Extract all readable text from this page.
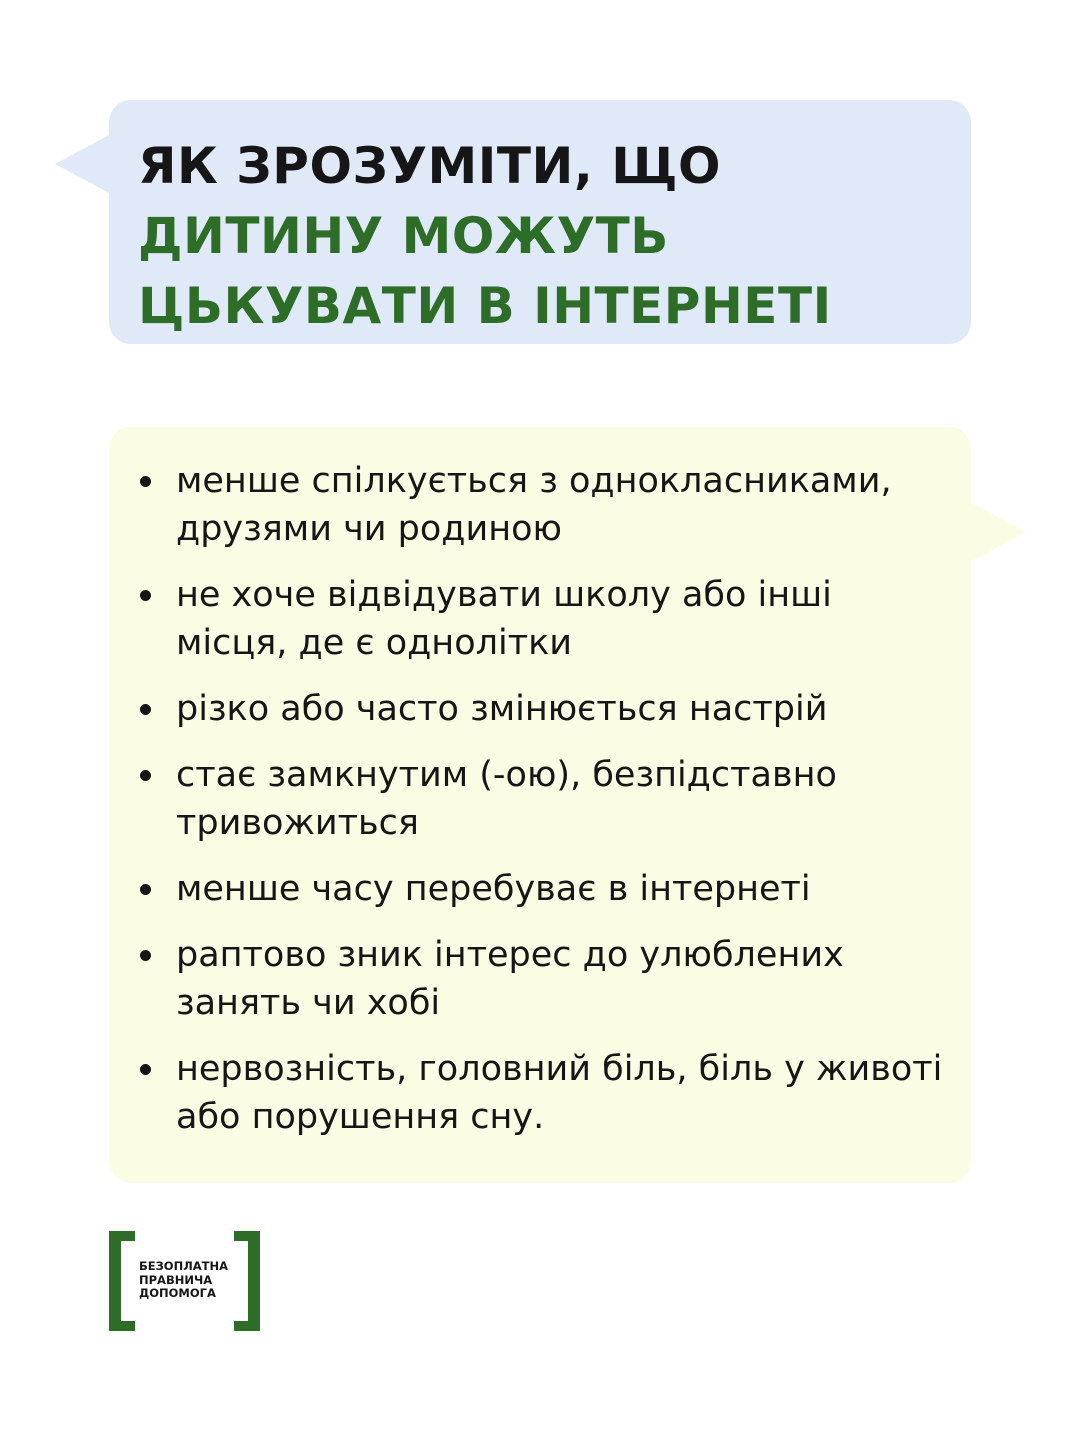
ЯК ЗРОЗУМІТИ, ЩО ДИТИНУ МОЖУТЬ ЦЬКУВАТИ В ІНТЕРНЕТІ
менше спілкується з однокласниками, друзями чи родиною
не хоче відвідувати школу або інші місця, де є однолітки
різко або часто змінюється настрій
стає замкнутим (-ою), безпідставно тривожиться
менше часу перебуває в інтернеті
раптово зник інтерес до улюблених занять чи хобі
нервозність, головний біль, біль у животі або порушення сну.
БЕЗОПЛАТНА
ПРАВНИЧА
ДОПОМОГА
